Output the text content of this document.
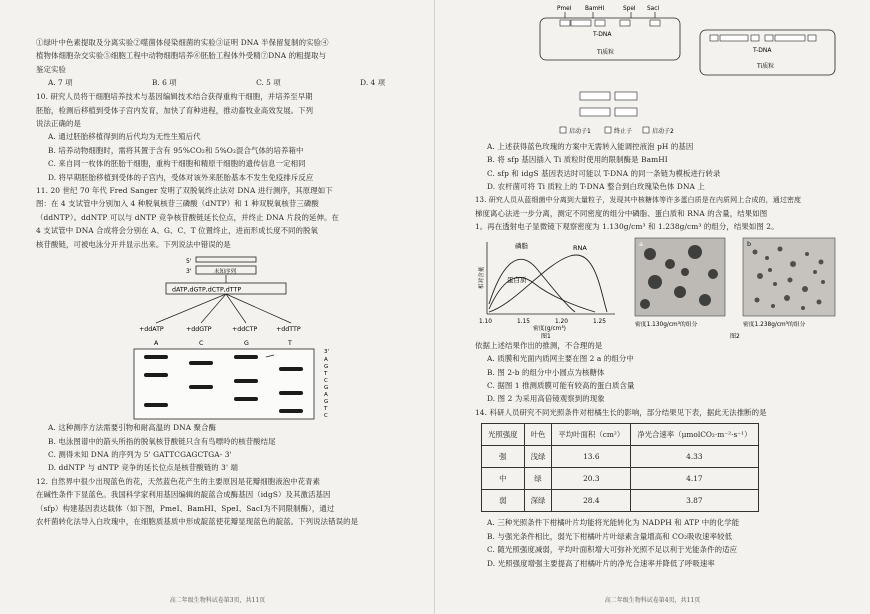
①绿叶中色素提取及分离实验②噬菌体侵染细菌的实验③证明 DNA 半保留复制的实验④

植物体细胞杂交实验⑤细胞工程中动物细胞培养⑥胚胎工程体外受精⑦DNA 的粗提取与

鉴定实验

A. 7 项	B. 6 项	C. 5 项	D. 4 项

10. 研究人员将干细胞培养技术与基因编辑技术结合获得重构干细胞，并培养至早期

胚胎，检测后移植到受体子宫内发育，加快了育种进程，推动畜牧业高效发展。下列

说法正确的是

A. 通过胚胎移植得到的后代均为无性生殖后代

B. 培养动物细胞时，需将其置于含有 95%CO₂和 5%O₂混合气体的培养箱中

C. 来自同一枚体的胚胎干细胞，重构干细胞和精原干细胞的遗传信息一定相同

D. 将早期胚胎移植到受体的子宫内，受体对该外来胚胎基本不发生免疫排斥反应

11. 20 世纪 70 年代 Fred Sanger 发明了双脱氧终止法对 DNA 进行测序，其原理如下

图：在 4 支试管中分别加入 4 种脱氧核苷三磷酸（dNTP）和 1 种双脱氧核苷三磷酸

（ddNTP）。ddNTP 可以与 dNTP 竞争核苷酸链延长位点，并终止 DNA 片段的延伸。在

4 支试管中 DNA 合成将会分别在 A、G、C、T 位置终止，进而形成长度不同的脱氧

核苷酸链，可被电泳分开并显示出来。下列说法中错误的是

5'
3'	未知序列
dATP,dGTP,dCTP,dTTP
+ddATP	+ddGTP	+ddCTP	+ddTTP
A	C	G	T
3'
A G T C G A G T C

A. 这种测序方法需要引物和耐高温的 DNA 聚合酶

B. 电泳图谱中的箭头所指的脱氧核苷酸链只含有鸟嘌呤的核苷酸结尾

C. 测得未知 DNA 的序列为 5' GATTCGAGCTGA- 3'

D. ddNTP 与 dNTP 竞争的延长位点是核苷酸链的 3' 端

12. 自然界中很少出现蓝色的花，天然蓝色花产生的主要原因是花瓣细胞液泡中花青素

在碱性条件下显蓝色。我国科学家利用基因编辑的靛蓝合成酶基因（idgS）及其激活基因

（sfp）构建基因表达载体（如下图，PmeⅠ、BamHⅠ、SpeⅠ、SacⅠ为不同限制酶），通过

农杆菌转化法导入白玫瑰中，在细胞质基质中形成靛蓝使花瓣显现蓝色的靛蓝。下列说法错误的是

高二年级生物科试卷第3页，共11页
PmeⅠ BamHⅠ	SpeⅠ SacⅠ
T-DNA
Ti质粒	T-DNA
Ti质粒
启动子1	终止子	启动子2

A. 上述获得蓝色玫瑰的方案中无需转入能调控液泡 pH 的基因

B. 将 sfp 基因插入 Ti 质粒时使用的限制酶是 BamHⅠ

C. sfp 和 idgS 基因表达时可能以 T-DNA 的同一条链为模板进行转录

D. 农杆菌可将 Ti 质粒上的 T-DNA 整合到白玫瑰染色体 DNA 上

13. 研究人员从蓝细菌中分离到大量粒子，发现其中核糖体等许多蛋白质是在内质网上合成的，通过密度

梯度离心法进一步分离，测定不同密度的组分中磷脂、蛋白质和 RNA 的含量，结果如图

1。再在透射电子显微镜下观察密度为 1.130g/cm³ 和 1.238g/cm³ 的组分，结果如图 2。

相对含量
磷脂	RNA
蛋白质
1.10	1.15	1.20	1.25
密度(g/cm³)
图1
a	b
密度1.130g/cm³的组分	密度1.238g/cm³的组分
图2

依据上述结果作出的推测，不合理的是

A. 质膜和光面内质网主要在图 2 a 的组分中

B. 图 2-b 的组分中小圆点为核糖体

C. 据图 1 推测质膜可能有较高的蛋白质含量

D. 图 2 为采用高倍镜观察到的现象

14. 科研人员研究不同光照条件对柑橘生长的影响，部分结果见下表，据此无法推断的是

光照强度	叶色	平均叶面积（cm²）	净光合速率（μmolCO₂·m⁻²·s⁻¹）
强	浅绿	13.6	4.33
中	绿	20.3	4.17
弱	深绿	28.4	3.87

A. 三种光照条件下柑橘叶片均能将光能转化为 NADPH 和 ATP 中的化学能

B. 与强光条件相比，弱光下柑橘叶片叶绿素含量增高和 CO₂吸收速率较低

C. 随光照强度减弱，平均叶面积增大可弥补光照不足以利于光能条件的适应

D. 光照强度增强主要提高了柑橘叶片的净光合速率并降低了呼吸速率

高二年级生物科试卷第4页，共11页
